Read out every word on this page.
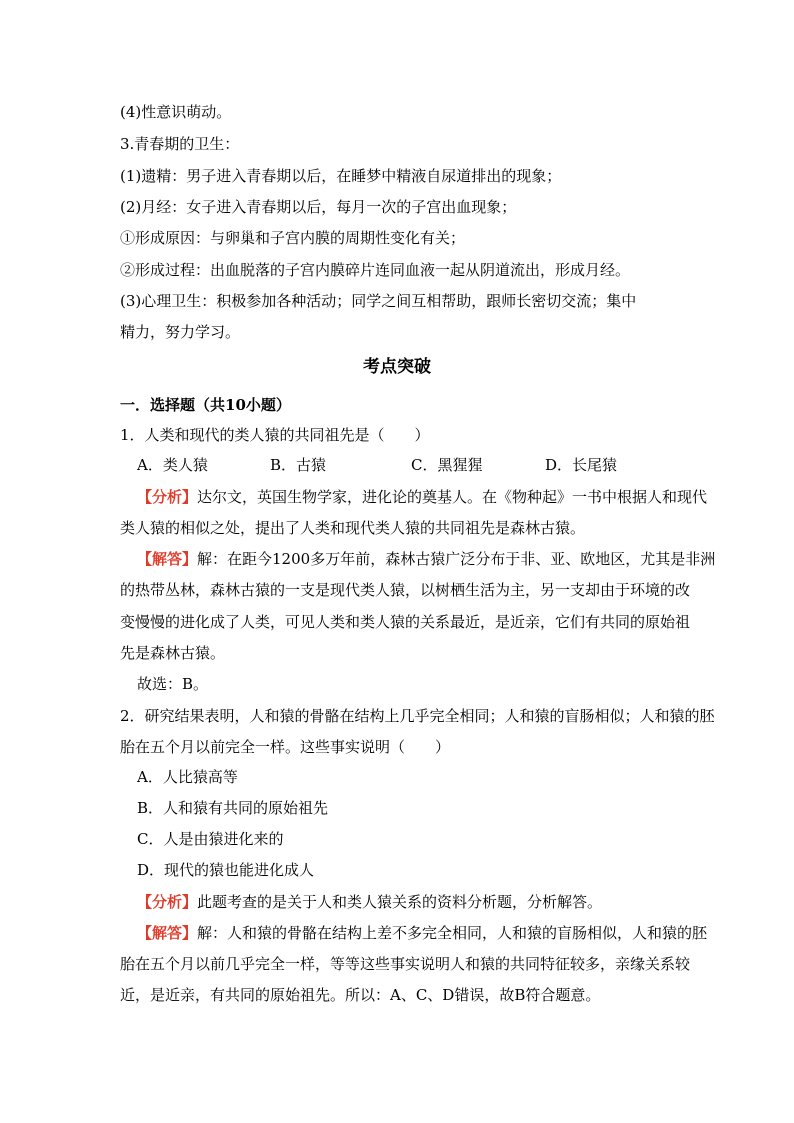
(4)性意识萌动。
3.青春期的卫生：
(1)遗精：男子进入青春期以后，在睡梦中精液自尿道排出的现象；
(2)月经：女子进入青春期以后，每月一次的子宫出血现象；
①形成原因：与卵巢和子宫内膜的周期性变化有关；
②形成过程：出血脱落的子宫内膜碎片连同血液一起从阴道流出，形成月经。
(3)心理卫生：积极参加各种活动；同学之间互相帮助，跟师长密切交流；集中
精力，努力学习。
考点突破
一．选择题（共10小题）
1．人类和现代的类人猿的共同祖先是（　　）
A．类人猿	B．古猿	C．黑猩猩	D．长尾猿
【分析】达尔文，英国生物学家，进化论的奠基人。在《物种起》一书中根据人和现代
类人猿的相似之处，提出了人类和现代类人猿的共同祖先是森林古猿。
【解答】解：在距今1200多万年前，森林古猿广泛分布于非、亚、欧地区，尤其是非洲
的热带丛林，森林古猿的一支是现代类人猿，以树栖生活为主，另一支却由于环境的改
变慢慢的进化成了人类，可见人类和类人猿的关系最近，是近亲，它们有共同的原始祖
先是森林古猿。
故选：B。
2．研究结果表明，人和猿的骨骼在结构上几乎完全相同；人和猿的盲肠相似；人和猿的胚
胎在五个月以前完全一样。这些事实说明（　　）
A．人比猿高等
B．人和猿有共同的原始祖先
C．人是由猿进化来的
D．现代的猿也能进化成人
【分析】此题考查的是关于人和类人猿关系的资料分析题，分析解答。
【解答】解：人和猿的骨骼在结构上差不多完全相同，人和猿的盲肠相似，人和猿的胚
胎在五个月以前几乎完全一样，等等这些事实说明人和猿的共同特征较多，亲缘关系较
近，是近亲，有共同的原始祖先。所以：A、C、D错误，故B符合题意。
